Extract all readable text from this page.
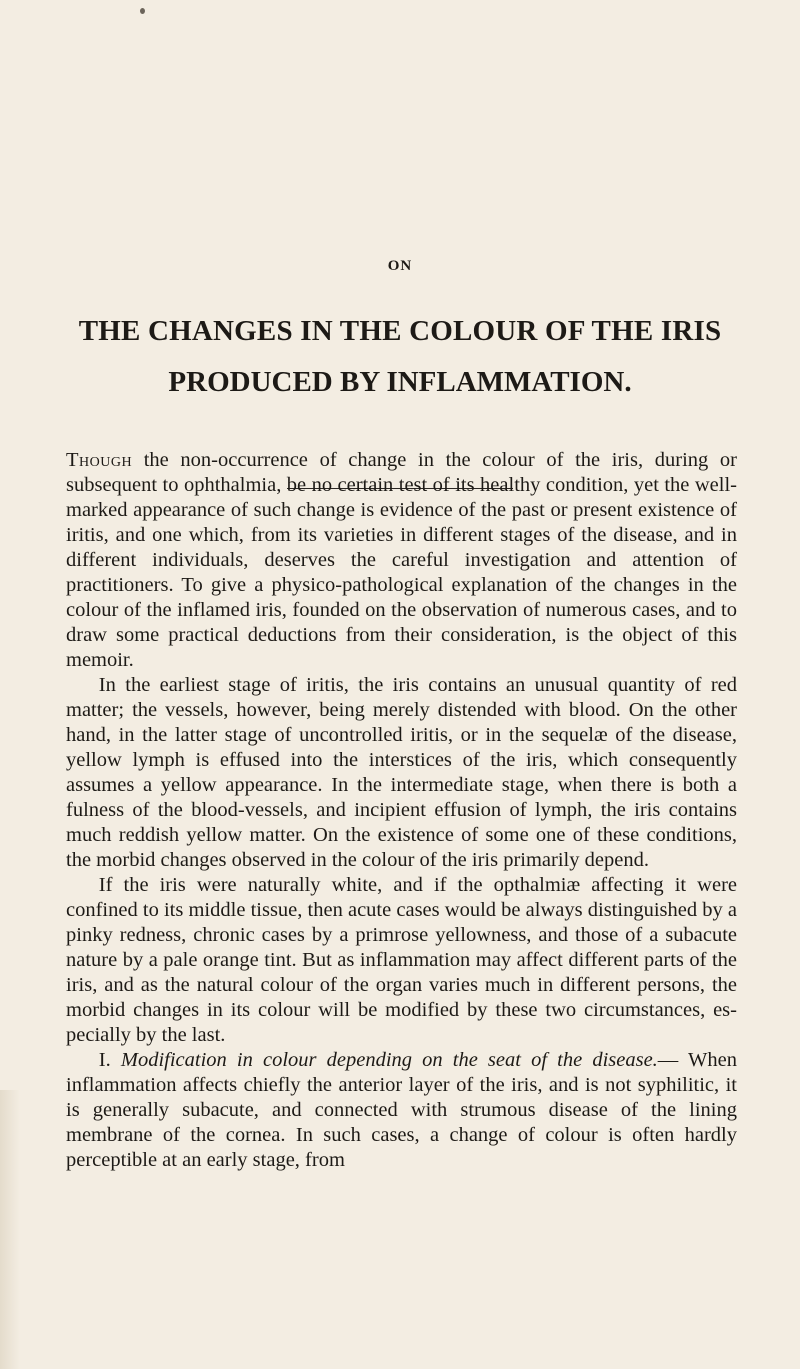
ON
THE CHANGES IN THE COLOUR OF THE IRIS
PRODUCED BY INFLAMMATION.

Though the non-occurrence of change in the colour of the iris, during or subsequent to ophthalmia, be no certain test of its healthy condition, yet the well-marked appearance of such change is evidence of the past or present existence of iritis, and one which, from its varieties in different stages of the disease, and in different individuals, deserves the careful investigation and attention of practitioners. To give a physico-pathological explanation of the changes in the colour of the inflamed iris, founded on the observation of numerous cases, and to draw some practical deductions from their consideration, is the object of this memoir.

In the earliest stage of iritis, the iris contains an unusual quantity of red matter; the vessels, however, being merely distended with blood. On the other hand, in the latter stage of uncontrolled iritis, or in the sequelæ of the disease, yellow lymph is effused into the interstices of the iris, which consequently assumes a yellow appearance. In the intermediate stage, when there is both a fulness of the blood-vessels, and incipient effusion of lymph, the iris contains much reddish yellow matter. On the existence of some one of these conditions, the morbid changes observed in the colour of the iris primarily depend.

If the iris were naturally white, and if the opthalmiæ affecting it were confined to its middle tissue, then acute cases would be always distinguished by a pinky redness, chronic cases by a primrose yellowness, and those of a subacute nature by a pale orange tint. But as inflammation may affect different parts of the iris, and as the natural colour of the organ varies much in different persons, the morbid changes in its colour will be modified by these two circumstances, especially by the last.

I. Modification in colour depending on the seat of the disease.— When inflammation affects chiefly the anterior layer of the iris, and is not syphilitic, it is generally subacute, and connected with strumous disease of the lining membrane of the cornea. In such cases, a change of colour is often hardly perceptible at an early stage, from
